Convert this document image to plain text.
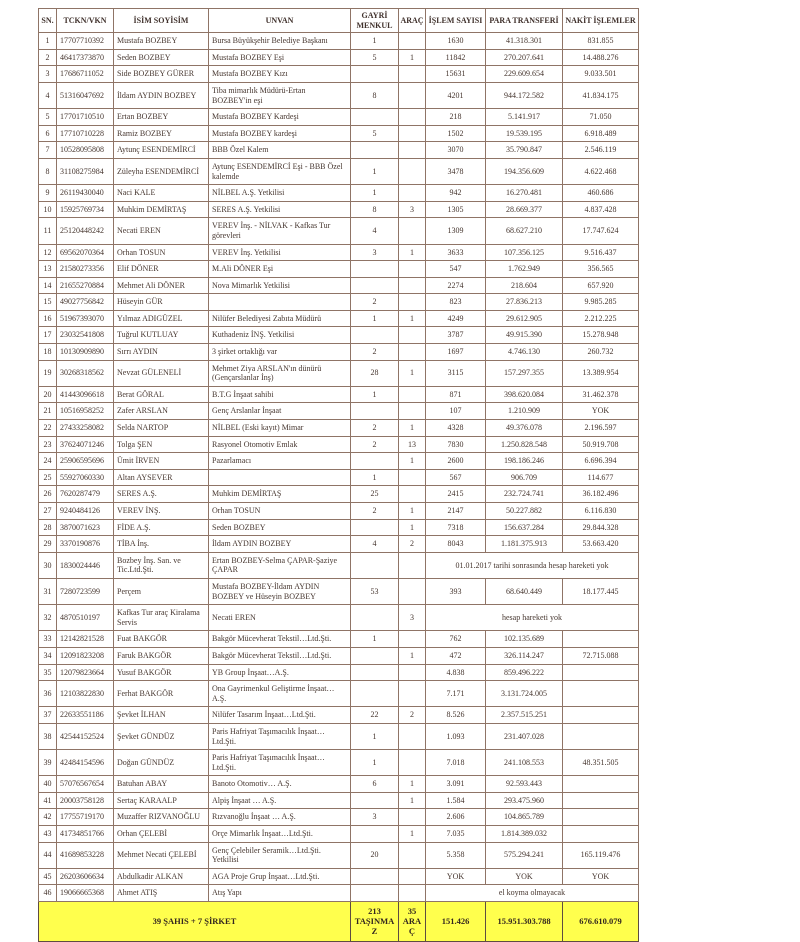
SN.	TCKN/VKN	İSİM SOYİSİM	UNVAN	GAYRİ MENKUL	ARAÇ	İŞLEM SAYISI	PARA TRANSFERİ	NAKİT İŞLEMLER
1	17707710392	Mustafa BOZBEY	Bursa Büyükşehir Belediye Başkanı	1		1630	41.318.301	831.855
2	46417373870	Seden BOZBEY	Mustafa BOZBEY Eşi	5	1	11842	270.207.641	14.488.276
3	17686711052	Side BOZBEY GÜRER	Mustafa BOZBEY Kızı			15631	229.609.654	9.033.501
4	51316047692	İldam AYDIN BOZBEY	Tiba mimarlık Müdürü-Ertan BOZBEY'in eşi	8		4201	944.172.582	41.834.175
5	17701710510	Ertan BOZBEY	Mustafa BOZBEY Kardeşi			218	5.141.917	71.050
6	17710710228	Ramiz BOZBEY	Mustafa BOZBEY kardeşi	5		1502	19.539.195	6.918.489
7	10528095808	Aytunç ESENDEMİRCİ	BBB Özel Kalem			3070	35.790.847	2.546.119
8	31108275984	Züleyha ESENDEMİRCİ	Aytunç ESENDEMİRCİ Eşi - BBB Özel kalemde	1		3478	194.356.609	4.622.468
9	26119430040	Naci KALE	NİLBEL A.Ş. Yetkilisi	1		942	16.270.481	460.686
10	15925769734	Muhkim DEMİRTAŞ	SERES A.Ş. Yetkilisi	8	3	1305	28.669.377	4.837.428
11	25120448242	Necati EREN	VEREV İnş. - NİLVAK - Kafkas Tur görevleri	4		1309	68.627.210	17.747.624
12	69562070364	Orhan TOSUN	VEREV İnş. Yetkilisi	3	1	3633	107.356.125	9.516.437
13	21580273356	Elif DÖNER	M.Ali DÖNER Eşi			547	1.762.949	356.565
14	21655270884	Mehmet Ali DÖNER	Nova Mimarlık Yetkilisi			2274	218.604	657.920
15	49027756842	Hüseyin GÜR		2		823	27.836.213	9.985.285
16	51967393070	Yılmaz ADIGÜZEL	Nilüfer Belediyesi Zabıta Müdürü	1	1	4249	29.612.905	2.212.225
17	23032541808	Tuğrul KUTLUAY	Kuthadeniz İNŞ. Yetkilisi			3787	49.915.390	15.278.948
18	10130909890	Sırrı AYDIN	3 şirket ortaklığı var	2		1697	4.746.130	260.732
19	30268318562	Nevzat GÜLENELİ	Mehmet Ziya ARSLAN'ın dünürü (Gençarslanlar İnş)	28	1	3115	157.297.355	13.389.954
20	41443096618	Berat GÖRAL	B.T.G İnşaat sahibi	1		871	398.620.084	31.462.378
21	10516958252	Zafer ARSLAN	Genç Arslanlar İnşaat			107	1.210.909	YOK
22	27433258082	Selda NARTOP	NİLBEL (Eski kayıt) Mimar	2	1	4328	49.376.078	2.196.597
23	37624071246	Tolga ŞEN	Rasyonel Otomotiv Emlak	2	13	7830	1.250.828.548	50.919.708
24	25906595696	Ümit İRVEN	Pazarlamacı		1	2600	198.186.246	6.696.394
25	55927060330	Altan AYSEVER		1		567	906.709	114.677
26	7620287479	SERES A.Ş.	Muhkim DEMİRTAŞ	25		2415	232.724.741	36.182.496
27	9240484126	VEREV İNŞ.	Orhan TOSUN	2	1	2147	50.227.882	6.116.830
28	3870071623	FİDE A.Ş.	Seden BOZBEY		1	7318	156.637.284	29.844.328
29	3370190876	TİBA İnş.	İldam AYDIN BOZBEY	4	2	8043	1.181.375.913	53.663.420
30	1830024446	Bozbey İnş. San. ve Tic.Ltd.Şti.	Ertan BOZBEY-Selma ÇAPAR-Şaziye ÇAPAR			01.01.2017 tarihi sonrasında hesap hareketi yok		
31	7280723599	Perçem	Mustafa BOZBEY-İldam AYDIN BOZBEY ve Hüseyin BOZBEY	53		393	68.640.449	18.177.445
32	4870510197	Kafkas Tur araç Kiralama Servis	Necati EREN		3	hesap hareketi yok		
33	12142821528	Fuat BAKGÖR	Bakgör Mücevherat Tekstil…Ltd.Şti.	1		762	102.135.689	
34	12091823208	Faruk BAKGÖR	Bakgör Mücevherat Tekstil…Ltd.Şti.		1	472	326.114.247	72.715.088
35	12079823664	Yusuf BAKGÖR	YB Group İnşaat…A.Ş.			4.838	859.496.222	
36	12103822830	Ferhat BAKGÖR	Ona Gayrimenkul Geliştirme İnşaat…A.Ş.			7.171	3.131.724.005	
37	22633551186	Şevket İLHAN	Nilüfer Tasarım İnşaat…Ltd.Şti.	22	2	8.526	2.357.515.251	
38	42544152524	Şevket GÜNDÜZ	Paris Hafriyat Taşımacılık İnşaat…Ltd.Şti.	1		1.093	231.407.028	
39	42484154596	Doğan GÜNDÜZ	Paris Hafriyat Taşımacılık İnşaat…Ltd.Şti.	1		7.018	241.108.553	48.351.505
40	57076567654	Batuhan ABAY	Banoto Otomotiv… A.Ş.	6	1	3.091	92.593.443	
41	20003758128	Sertaç KARAALP	Alpiş İnşaat … A.Ş.		1	1.584	293.475.960	
42	17755719170	Muzaffer RIZVANOĞLU	Rızvanoğlu İnşaat … A.Ş.	3		2.606	104.865.789	
43	41734851766	Orhan ÇELEBİ	Orçe Mimarlık İnşaat…Ltd.Şti.		1	7.035	1.814.389.032	
44	41689853228	Mehmet Necati ÇELEBİ	Genç Çelebiler Seramik…Ltd.Şti. Yetkilisi	20		5.358	575.294.241	165.119.476
45	26203606634	Abdulkadir ALKAN	AGA Proje Grup İnşaat…Ltd.Şti.			YOK	YOK	YOK
46	19066665368	Ahmet ATIŞ	Atış Yapı			el koyma olmayacak		
39 ŞAHIS + 7 ŞİRKET				213 TAŞINMAZ	35 ARAÇ	151.426	15.951.303.788	676.610.079
